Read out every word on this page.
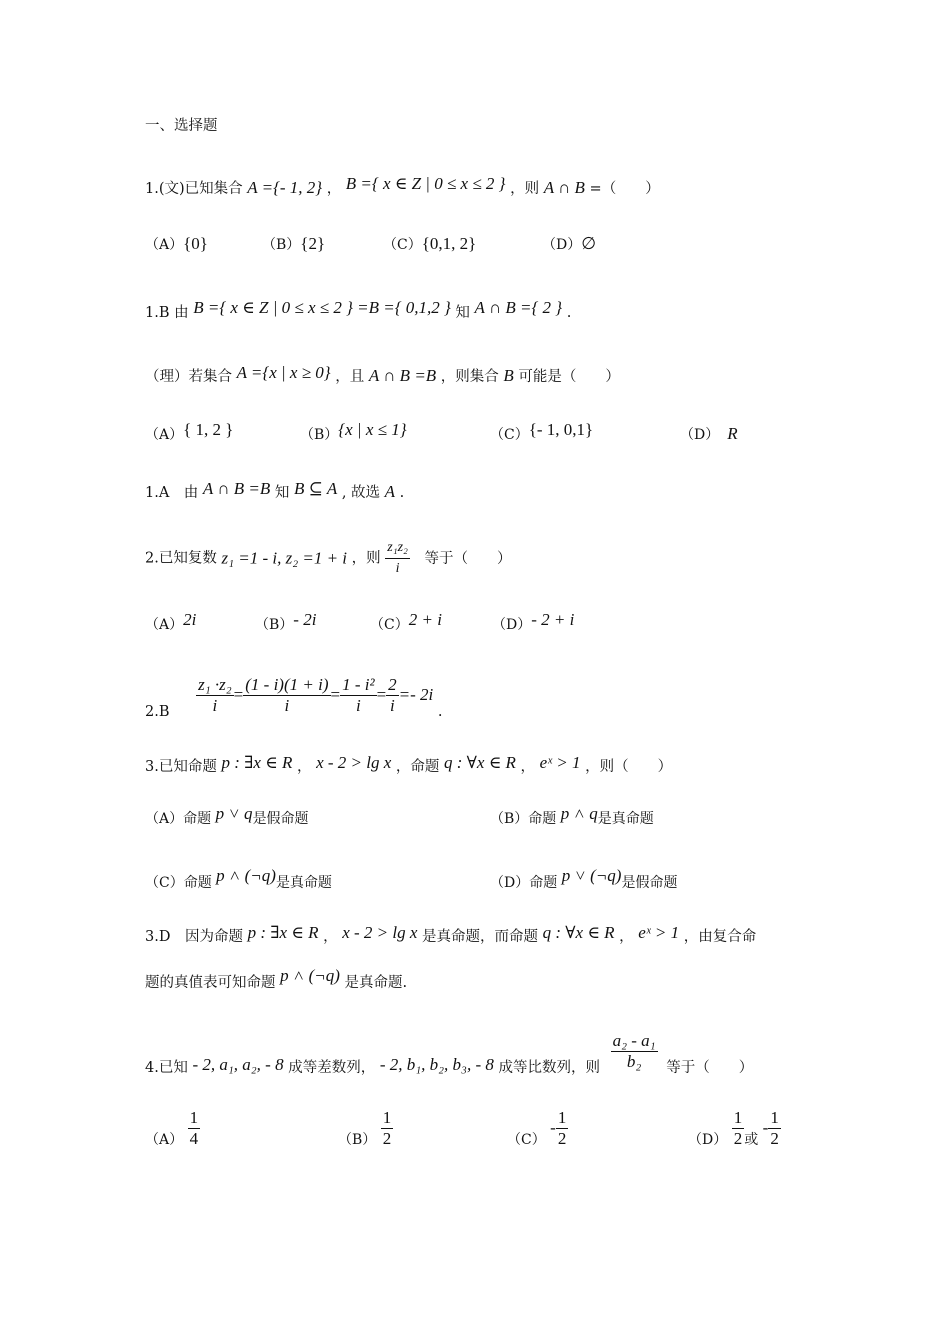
一、选择题
1.(文)已知集合 A ={- 1, 2} ， B ={ x ∈ Z | 0 ≤ x ≤ 2 } ，则 A ∩ B =（　　）
（A）{0}	（B）{2}	（C）{0,1, 2}	（D）∅
1.B 由 B ={ x ∈ Z | 0 ≤ x ≤ 2 } =B ={ 0,1,2 } 知 A ∩ B ={ 2 } .
（理）若集合 A ={x | x ≥ 0} ，且 A ∩ B =B ，则集合 B 可能是（　　）
（A）{ 1, 2 }	（B）{x | x ≤ 1}	（C）{- 1, 0,1}	（D） R
1.A　由 A ∩ B =B 知 B ⊆ A , 故选 A .
2.已知复数 z₁ =1 - i, z₂ =1 + i ，则 $\frac{\text{z₁z₂}}{i}$ 等于（　　）
（A）2i	（B）- 2i	（C）2 + i	（D）- 2 + i
$2.B \frac{\text{z₁ ·z₂}}{i} = \frac{(1 - i)(1 + i)}{i} = \frac{\text{1 - i²}}{i} = \frac{2}{i} =- 2i$ .
3.已知命题 p : ∃x ∈ R ， x - 2 > lg x ，命题 q : ∀x ∈ R ， eˣ > 1 ，则（　　）
（A）命题 p ˅ q是假命题	（B）命题 p ˄ q是真命题
（C）命题 p ˄ (¬q)是真命题	（D）命题 p ˅ (¬q)是假命题
3.D　因为命题 p : ∃x ∈ R ， x - 2 > lg x 是真命题，而命题 q : ∀x ∈ R ， eˣ > 1 ，由复合命
题的真值表可知命题 p ˄ (¬q) 是真命题.
4.已知 - 2, a₁, a₂, - 8 成等差数列， - 2, b₁, b₂, b₃, - 8 成等比数列，则 $\frac{\text{a₂ - a₁}}{\text{b₂}}$ 等于（　　）
$(A) \frac{1}{4}$	$(B) \frac{1}{2}$	$(C) - \frac{1}{2}$	$(D) \frac{1}{2}$ 或 - $\frac{1}{2}$
